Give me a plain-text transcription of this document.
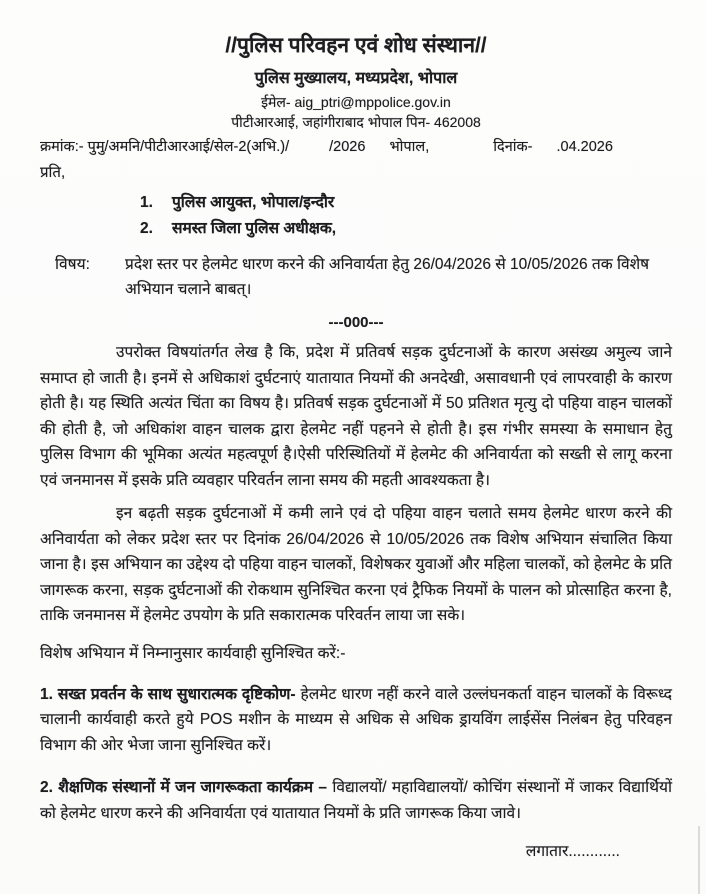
//पुलिस परिवहन एवं शोध संस्थान//
पुलिस मुख्यालय, मध्यप्रदेश, भोपाल
ईमेल- aig_ptri@mppolice.gov.in
पीटीआरआई, जहांगीराबाद भोपाल पिन- 462008
क्रमांक:- पुमु/अमनि/पीटीआरआई/सेल-2(अभि.)/	/2026 भोपाल,	दिनांक- .04.2026
प्रति,
1.	पुलिस आयुक्त, भोपाल/इन्दौर
2.	समस्त जिला पुलिस अधीक्षक,
विषय:	प्रदेश स्तर पर हेलमेट धारण करने की अनिवार्यता हेतु 26/04/2026 से 10/05/2026 तक विशेष अभियान चलाने बाबत्।
---000---

उपरोक्त विषयांतर्गत लेख है कि, प्रदेश में प्रतिवर्ष सड़क दुर्घटनाओं के कारण असंख्य अमुल्य जाने समाप्त हो जाती है। इनमें से अधिकाशं दुर्घटनाएं यातायात नियमों की अनदेखी, असावधानी एवं लापरवाही के कारण होती है। यह स्थिति अत्यंत चिंता का विषय है। प्रतिवर्ष सड़क दुर्घटनाओं में 50 प्रतिशत मृत्यु दो पहिया वाहन चालकों की होती है, जो अधिकांश वाहन चालक द्वारा हेलमेट नहीं पहनने से होती है। इस गंभीर समस्या के समाधान हेतु पुलिस विभाग की भूमिका अत्यंत महत्वपूर्ण है।ऐसी परिस्थितियों में हेलमेट की अनिवार्यता को सख्ती से लागू करना एवं जनमानस में इसके प्रति व्यवहार परिवर्तन लाना समय की महती आवश्यकता है।

इन बढ़ती सड़क दुर्घटनाओं में कमी लाने एवं दो पहिया वाहन चलाते समय हेलमेट धारण करने की अनिवार्यता को लेकर प्रदेश स्तर पर दिनांक 26/04/2026 से 10/05/2026 तक विशेष अभियान संचालित किया जाना है। इस अभियान का उद्देश्य दो पहिया वाहन चालकों, विशेषकर युवाओं और महिला चालकों, को हेलमेट के प्रति जागरूक करना, सड़क दुर्घटनाओं की रोकथाम सुनिश्चित करना एवं ट्रैफिक नियमों के पालन को प्रोत्साहित करना है, ताकि जनमानस में हेलमेट उपयोग के प्रति सकारात्मक परिवर्तन लाया जा सके।

विशेष अभियान में निम्नानुसार कार्यवाही सुनिश्चित करें:-

1. सख्त प्रवर्तन के साथ सुधारात्मक दृष्टिकोण- हेलमेट धारण नहीं करने वाले उल्लंघनकर्ता वाहन चालकों के विरूध्द चालानी कार्यवाही करते हुये POS मशीन के माध्यम से अधिक से अधिक ड्रायविंग लाईसेंस निलंबन हेतु परिवहन विभाग की ओर भेजा जाना सुनिश्चित करें।

2. शैक्षणिक संस्थानों में जन जागरूकता कार्यक्रम – विद्यालयों/ महाविद्यालयों/ कोचिंग संस्थानों में जाकर विद्यार्थियों को हेलमेट धारण करने की अनिवार्यता एवं यातायात नियमों के प्रति जागरूक किया जावे।

लगातार............
